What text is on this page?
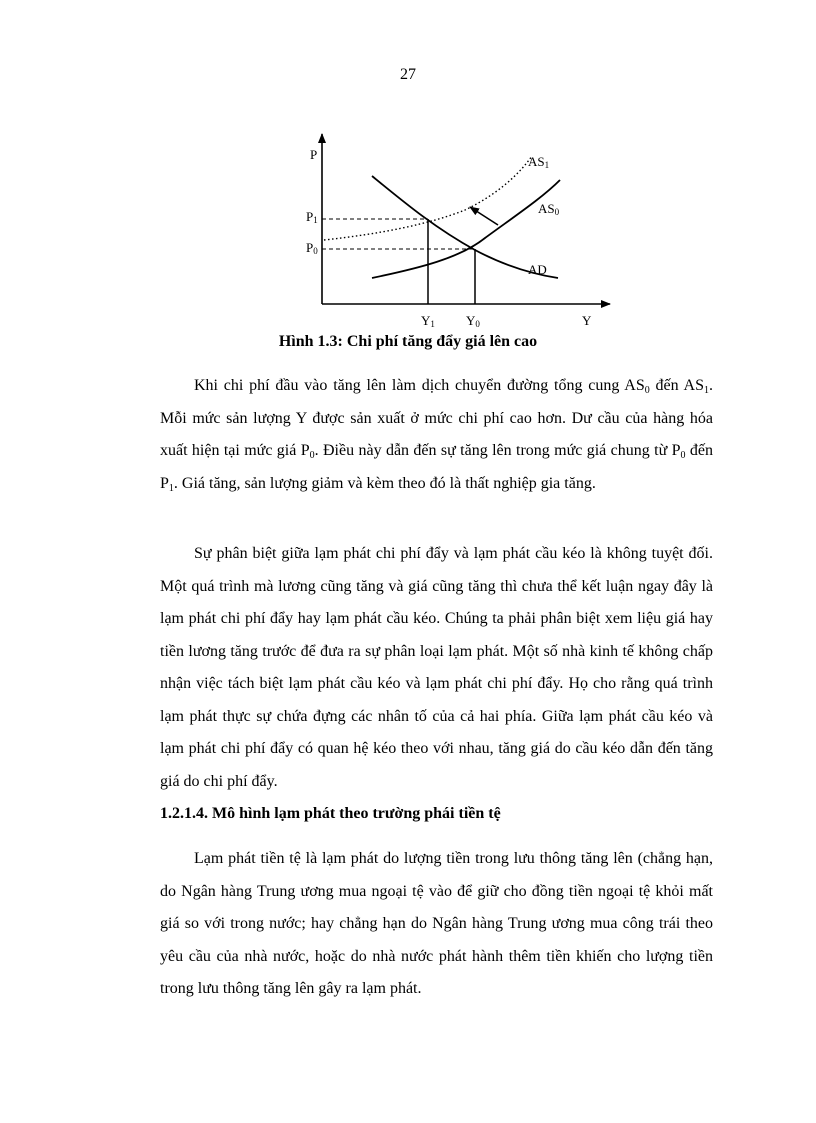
27
P
Y
$P_1$
$P_0$
$Y_1$ $Y_0$
$AS_1$
$AS_0$
AD
Hình 1.3: Chi phí tăng đẩy giá lên cao

Khi chi phí đầu vào tăng lên làm dịch chuyển đường tổng cung $AS_0$ đến $AS_1$. Mỗi mức sản lượng Y được sản xuất ở mức chi phí cao hơn. Dư cầu của hàng hóa xuất hiện tại mức giá $P_0$. Điều này dẫn đến sự tăng lên trong mức giá chung từ $P_0$ đến $P_1$. Giá tăng, sản lượng giảm và kèm theo đó là thất nghiệp gia tăng.

Sự phân biệt giữa lạm phát chi phí đẩy và lạm phát cầu kéo là không tuyệt đối. Một quá trình mà lương cũng tăng và giá cũng tăng thì chưa thể kết luận ngay đây là lạm phát chi phí đẩy hay lạm phát cầu kéo. Chúng ta phải phân biệt xem liệu giá hay tiền lương tăng trước để đưa ra sự phân loại lạm phát. Một số nhà kinh tế không chấp nhận việc tách biệt lạm phát cầu kéo và lạm phát chi phí đẩy. Họ cho rằng quá trình lạm phát thực sự chứa đựng các nhân tố của cả hai phía. Giữa lạm phát cầu kéo và lạm phát chi phí đẩy có quan hệ kéo theo với nhau, tăng giá do cầu kéo dẫn đến tăng giá do chi phí đẩy.

1.2.1.4. Mô hình lạm phát theo trường phái tiền tệ

Lạm phát tiền tệ là lạm phát do lượng tiền trong lưu thông tăng lên (chẳng hạn, do Ngân hàng Trung ương mua ngoại tệ vào để giữ cho đồng tiền ngoại tệ khỏi mất giá so với trong nước; hay chẳng hạn do Ngân hàng Trung ương mua công trái theo yêu cầu của nhà nước, hoặc do nhà nước phát hành thêm tiền khiến cho lượng tiền trong lưu thông tăng lên gây ra lạm phát.
